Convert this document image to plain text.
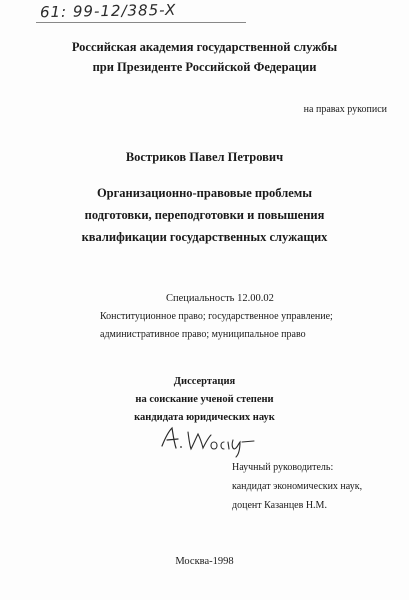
61: 99-12/385-X
Российская академия государственной службы
при Президенте Российской Федерации
на правах рукописи
Востриков Павел Петрович
Организационно-правовые проблемы
подготовки, переподготовки и повышения
квалификации государственных служащих
Специальность 12.00.02
Конституционное право; государственное управление;
административное право; муниципальное право
Диссертация
на соискание ученой степени
кандидата юридических наук
Научный руководитель:
кандидат экономических наук,
доцент Казанцев Н.М.
Москва-1998
